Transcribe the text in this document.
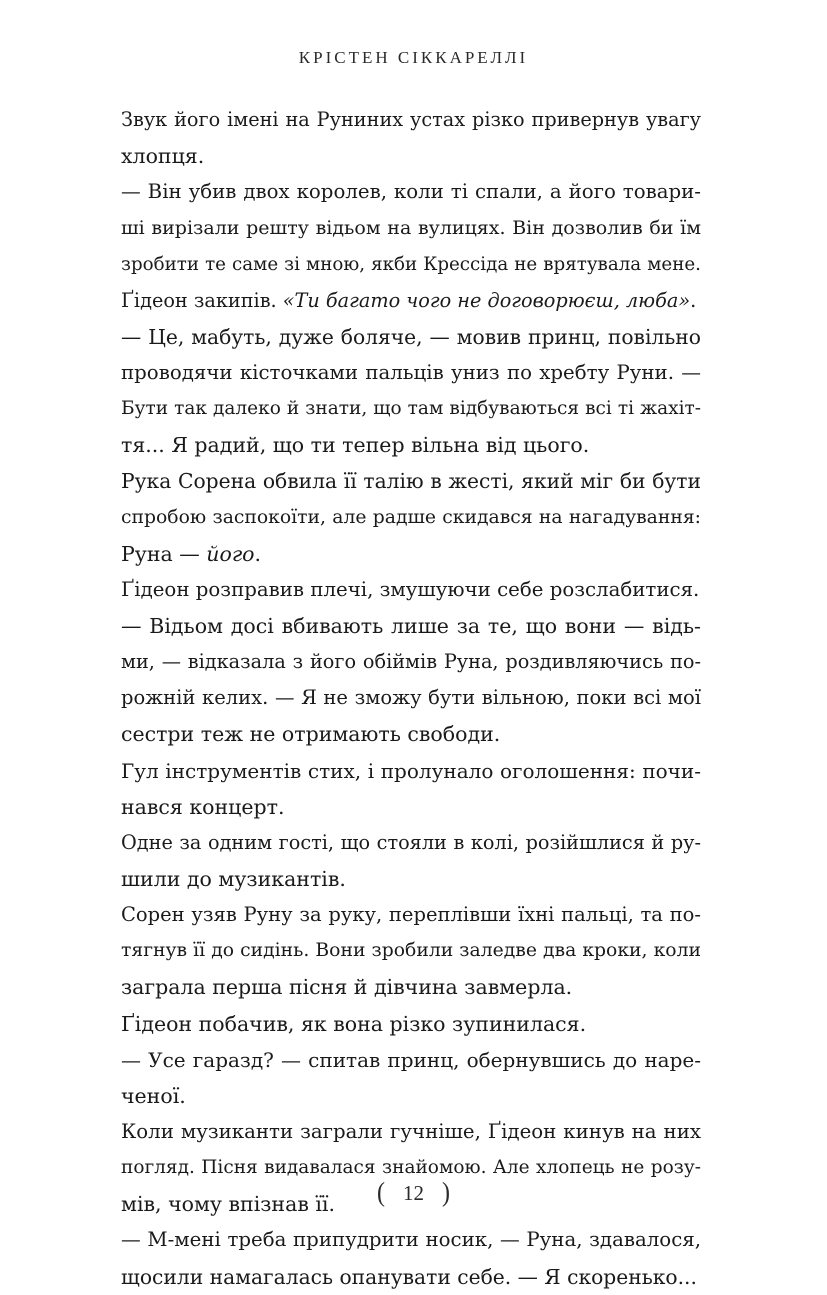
КРІСТЕН СІККАРЕЛЛІ
Звук його імені на Руниних устах різко привернув увагу
хлопця.
— Він убив двох королев, коли ті спали, а його товари-
ші вирізали решту відьом на вулицях. Він дозволив би їм
зробити те саме зі мною, якби Крессіда не врятувала мене.
Ґідеон закипів. «Ти багато чого не договорюєш, люба».
— Це, мабуть, дуже боляче, — мовив принц, повільно
проводячи кісточками пальців униз по хребту Руни. —
Бути так далеко й знати, що там відбуваються всі ті жахіт-
тя... Я радий, що ти тепер вільна від цього.
Рука Сорена обвила її талію в жесті, який міг би бути
спробою заспокоїти, але радше скидався на нагадування:
Руна — його.
Ґідеон розправив плечі, змушуючи себе розслабитися.
— Відьом досі вбивають лише за те, що вони — відь-
ми, — відказала з його обіймів Руна, роздивляючись по-
рожній келих. — Я не зможу бути вільною, поки всі мої
сестри теж не отримають свободи.
Гул інструментів стих, і пролунало оголошення: почи-
нався концерт.
Одне за одним гості, що стояли в колі, розійшлися й ру-
шили до музикантів.
Сорен узяв Руну за руку, переплівши їхні пальці, та по-
тягнув її до сидінь. Вони зробили заледве два кроки, коли
заграла перша пісня й дівчина завмерла.
Ґідеон побачив, як вона різко зупинилася.
— Усе гаразд? — спитав принц, обернувшись до наре-
ченої.
Коли музиканти заграли гучніше, Ґідеон кинув на них
погляд. Пісня видавалася знайомою. Але хлопець не розу-
мів, чому впізнав її.
— М-мені треба припудрити носик, — Руна, здавалося,
щосили намагалась опанувати себе. — Я скоренько...
( 12 )
